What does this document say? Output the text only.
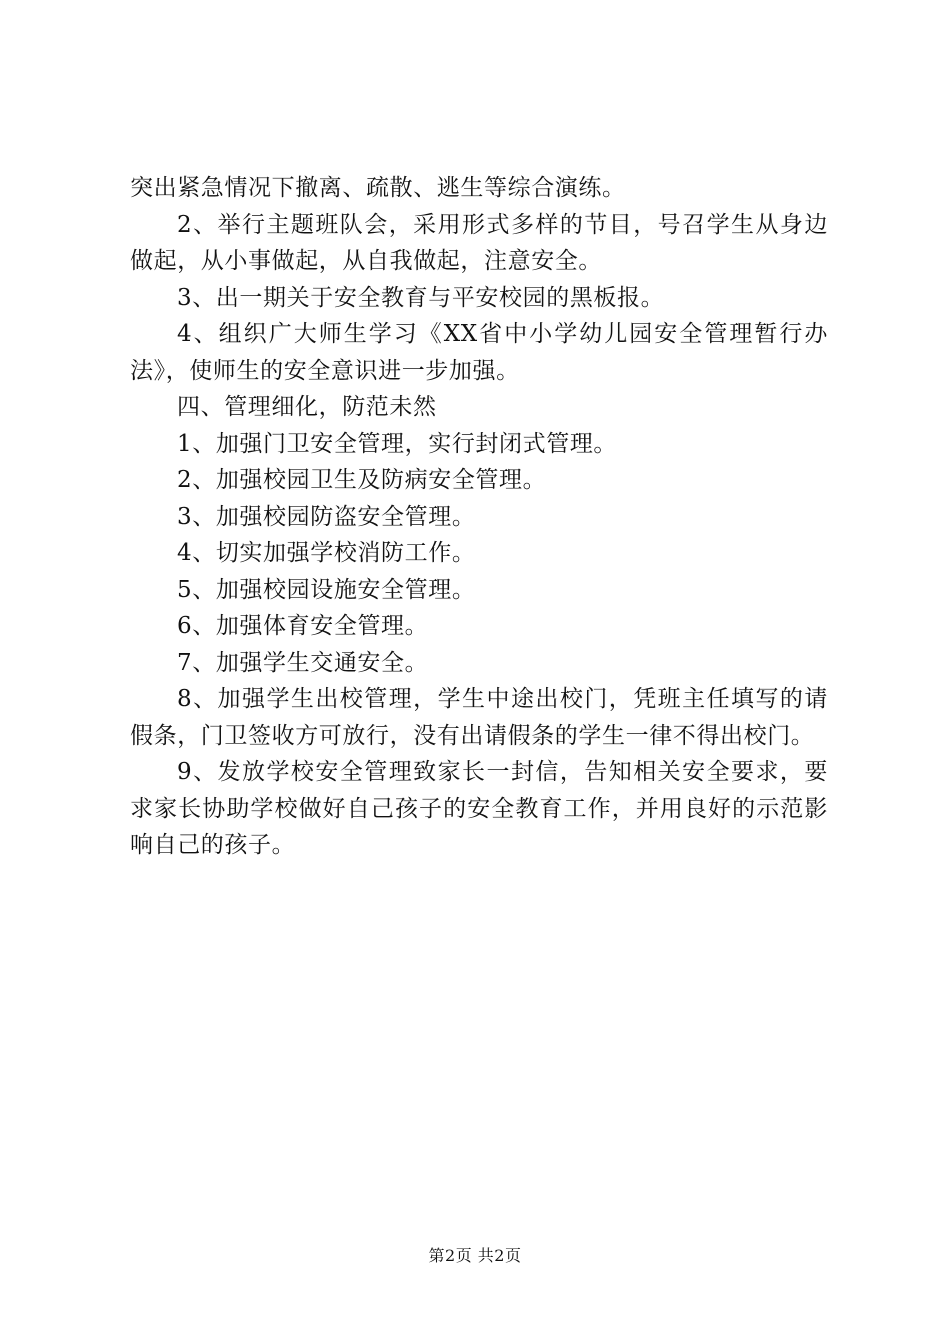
突出紧急情况下撤离、疏散、逃生等综合演练。

2、举行主题班队会，采用形式多样的节目，号召学生从身边做起，从小事做起，从自我做起，注意安全。

3、出一期关于安全教育与平安校园的黑板报。

4、组织广大师生学习《XX省中小学幼儿园安全管理暂行办法》，使师生的安全意识进一步加强。

四、管理细化，防范未然

1、加强门卫安全管理，实行封闭式管理。

2、加强校园卫生及防病安全管理。

3、加强校园防盗安全管理。

4、切实加强学校消防工作。

5、加强校园设施安全管理。

6、加强体育安全管理。

7、加强学生交通安全。

8、加强学生出校管理，学生中途出校门，凭班主任填写的请假条，门卫签收方可放行，没有出请假条的学生一律不得出校门。

9、发放学校安全管理致家长一封信，告知相关安全要求，要求家长协助学校做好自己孩子的安全教育工作，并用良好的示范影响自己的孩子。

第2页 共2页
